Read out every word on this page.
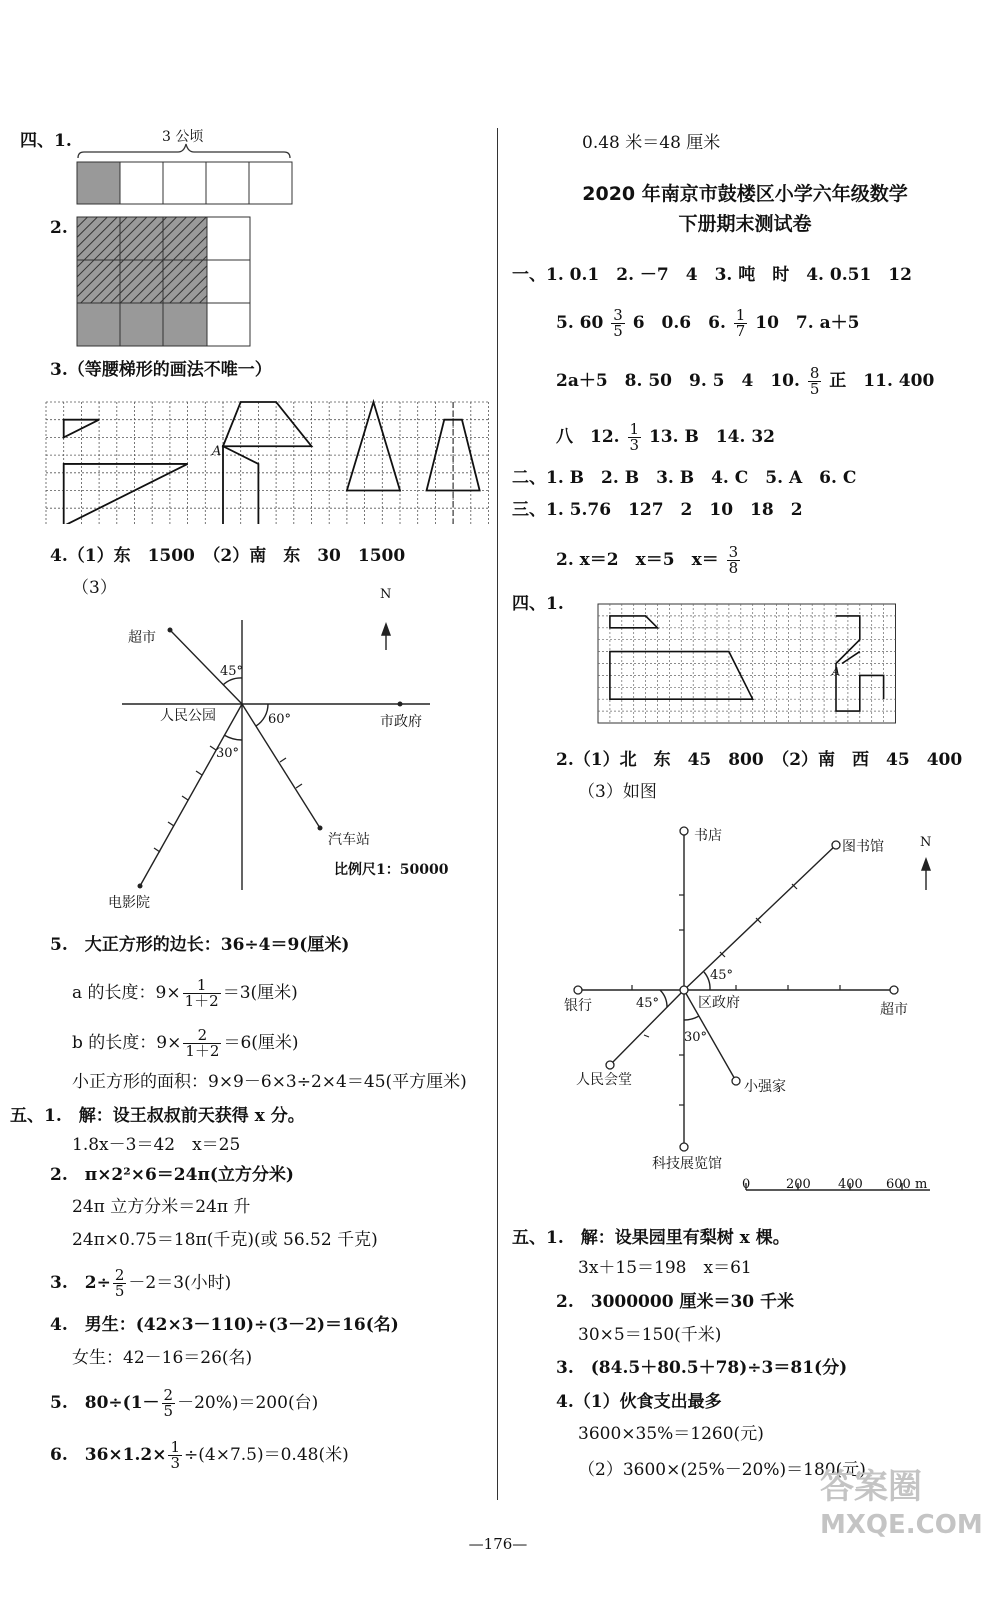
四、1.	3 公顷
2.
3.（等腰梯形的画法不唯一）
A
4.（1）东　1500　（2）南　东　30　1500
（3）	N
超市
45°
人民公园	60°	市政府
30°
汽车站
比例尺1：50000
电影院
5.　大正方形的边长：36÷4＝9(厘米)
a 的长度：$9\times \frac{1}{1+2} =3$(厘米)
b 的长度：$9\times \frac{2}{1+2} =6$(厘米)
小正方形的面积：9×9－6×3÷2×4＝45(平方厘米)
五、1.　解：设王叔叔前天获得 x 分。
1.8x－3＝42　x＝25
2.　π×2²×6＝24π(立方分米)
24π 立方分米＝24π 升
24π×0.75＝18π(千克)(或 56.52 千克)
3.　$2\div \frac{2}{5} -2=3$(小时)
4.　男生：(42×3－110)÷(3－2)＝16(名)
女生：42－16＝26(名)
5.　$80\div(1- \frac{2}{5} -20\%)=200$(台)
6.　$36\times 1.2\times \frac{1}{3} \div(4\times 7.5)=0.48$(米)
0.48 米＝48 厘米
2020 年南京市鼓楼区小学六年级数学
下册期末测试卷
一、1. 0.1　2. －7　4　3. 吨　时　4. 0.51　12
5. $60 \frac{3}{5} 6$　0.6　6. $\frac{1}{7} 10$　7. a＋5
2a＋5　8. 50　9. 5　4　10. $\frac{8}{5}$ 正　11. 400
八　12. $\frac{1}{3} 13$. B　14. 32
二、1. B　2. B　3. B　4. C　5. A　6. C
三、1. 5.76　127　2　10　18　2
2. x＝2　x＝5　$x= \frac{3}{8}$
四、1.
A
2.（1）北　东　45　800　（2）南　西　45　400
（3）如图
书店
图书馆	N
45°
银行	45°	区政府	超市
30°
人民会堂	小强家
科技展览馆
0	200 400 600 m
五、1.　解：设果园里有梨树 x 棵。
3x＋15＝198　x＝61
2.　3000000 厘米＝30 千米
30×5＝150(千米)
3.　(84.5＋80.5＋78)÷3＝81(分)
4.（1）伙食支出最多
3600×35%＝1260(元)
（2）3600×(25%－20%)＝180(元)
—176—
答案圈
MXQE.COM
